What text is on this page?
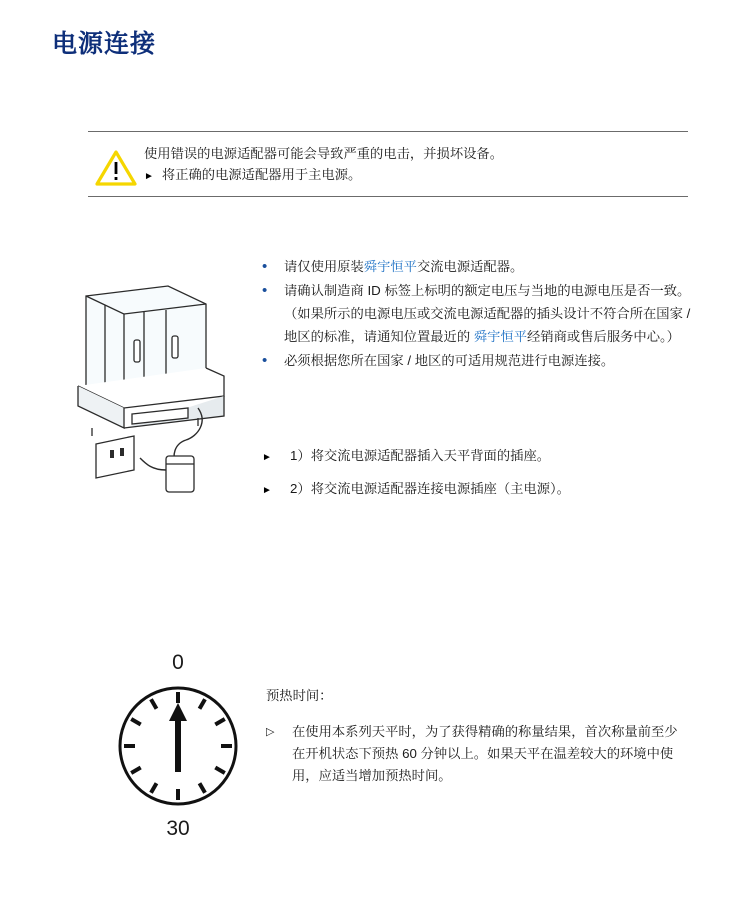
电源连接
使用错误的电源适配器可能会导致严重的电击，并损坏设备。
► 将正确的电源适配器用于主电源。
•	请仅使用原装舜宇恒平交流电源适配器。
•	请确认制造商 ID 标签上标明的额定电压与当地的电源电压是否一致。（如果所示的电源电压或交流电源适配器的插头设计不符合所在国家 / 地区的标准，请通知位置最近的 舜宇恒平经销商或售后服务中心。）
•	必须根据您所在国家 / 地区的可适用规范进行电源连接。
►	1）将交流电源适配器插入天平背面的插座。
►	2）将交流电源适配器连接电源插座（主电源）。
0
30
预热时间：
▷	在使用本系列天平时，为了获得精确的称量结果，首次称量前至少在开机状态下预热 60 分钟以上。如果天平在温差较大的环境中使用，应适当增加预热时间。
